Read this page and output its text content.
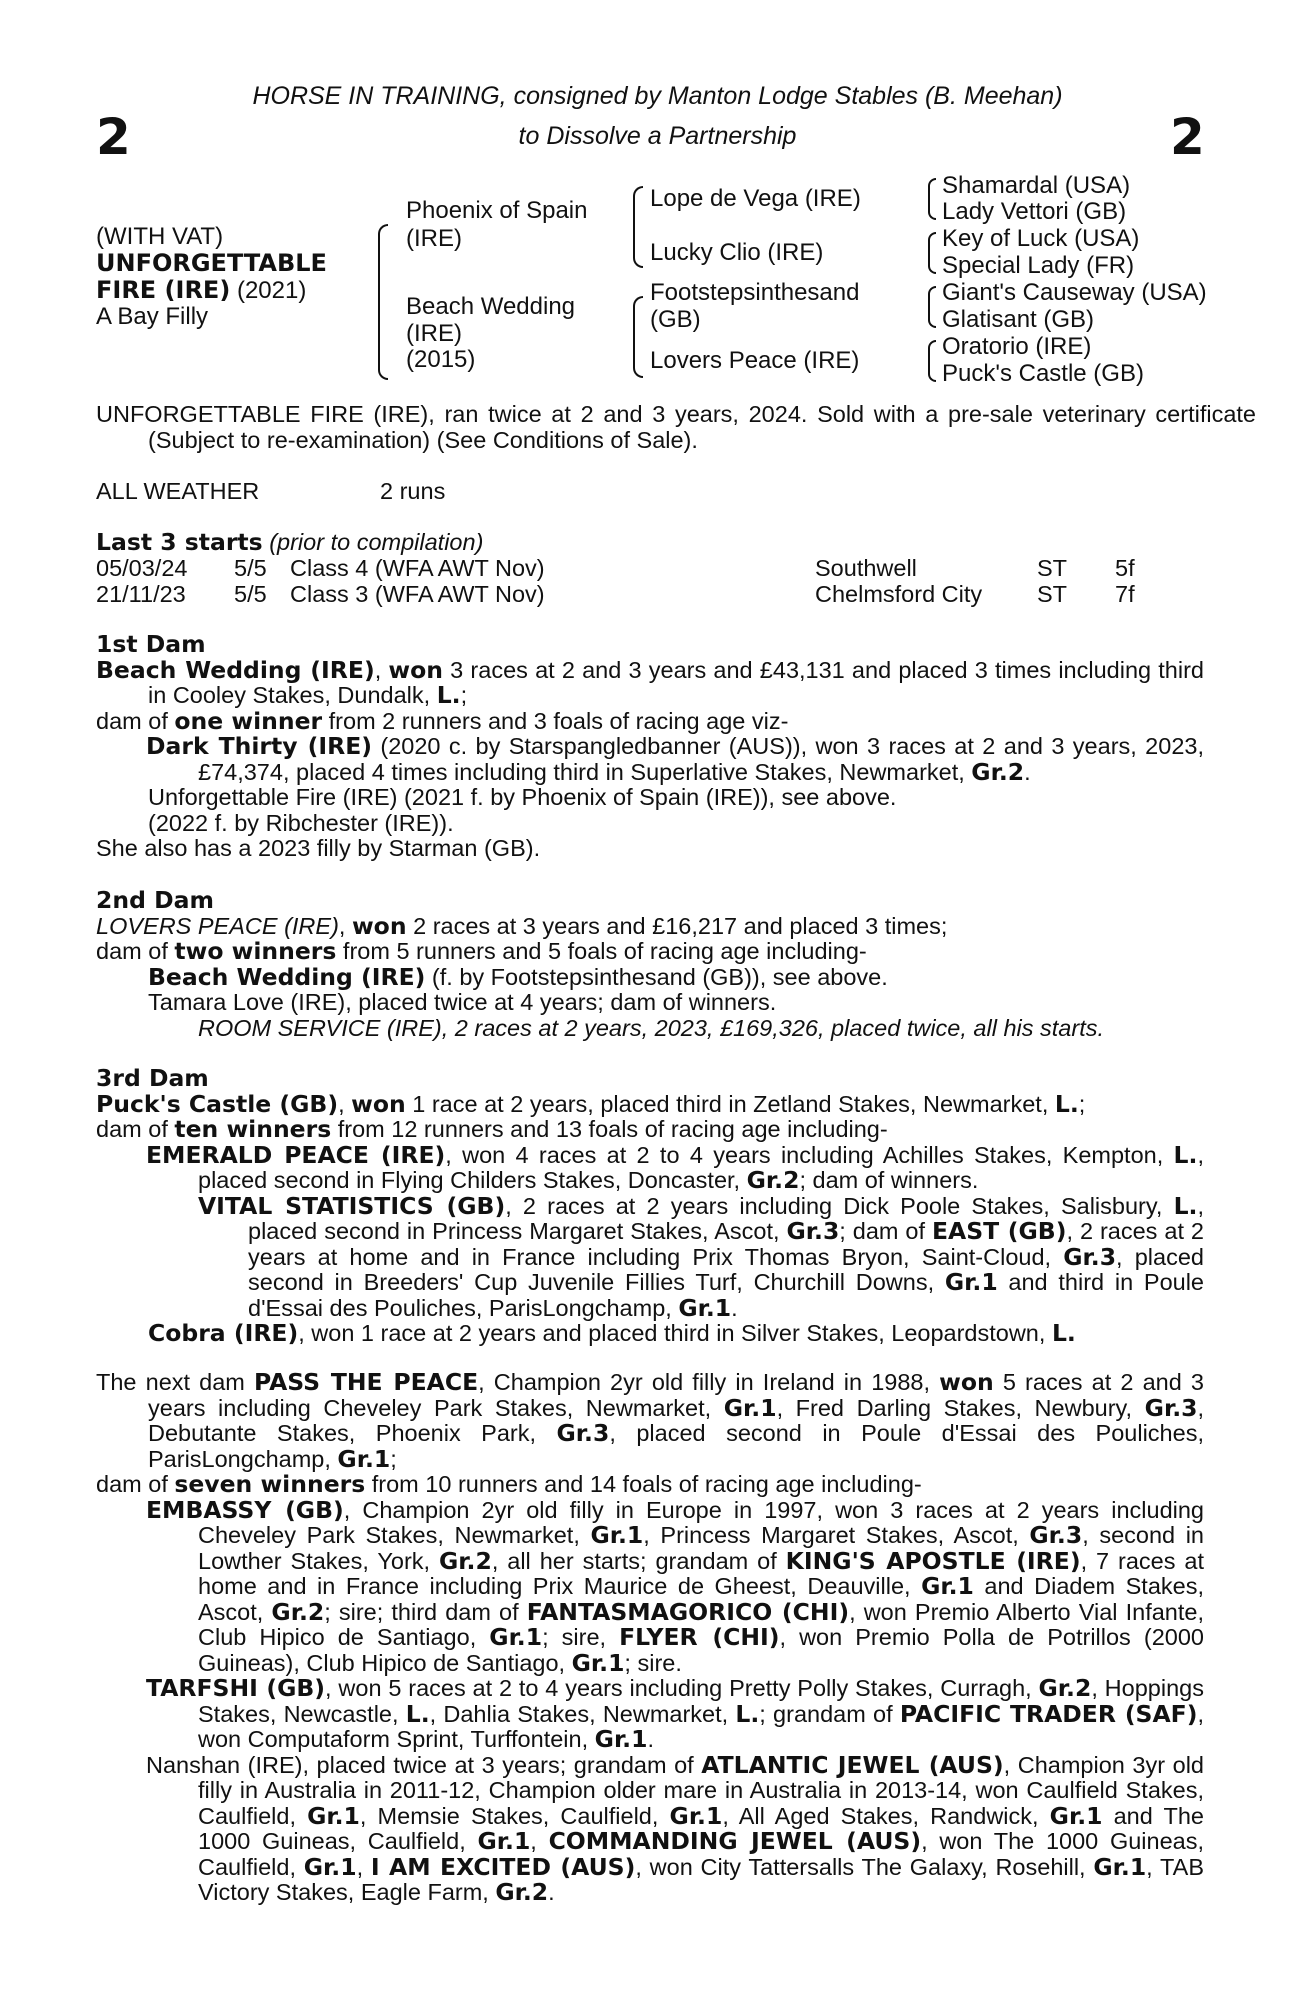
2	2
HORSE IN TRAINING, consigned by Manton Lodge Stables (B. Meehan)
to Dissolve a Partnership
(WITH VAT)
UNFORGETTABLE
FIRE (IRE) (2021)
A Bay Filly
Phoenix of Spain
(IRE)
Beach Wedding
(IRE)
(2015)
Lope de Vega (IRE)
Lucky Clio (IRE)
Footstepsinthesand
(GB)
Lovers Peace (IRE)
Shamardal (USA)
Lady Vettori (GB)
Key of Luck (USA)
Special Lady (FR)
Giant's Causeway (USA)
Glatisant (GB)
Oratorio (IRE)
Puck's Castle (GB)
UNFORGETTABLE FIRE (IRE), ran twice at 2 and 3 years, 2024. Sold with a pre-sale veterinary certificate (Subject to re-examination) (See Conditions of Sale).
ALL WEATHER	2 runs
Last 3 starts (prior to compilation)
05/03/24	5/5	Class 4 (WFA AWT Nov)	Southwell	ST	5f
21/11/23	5/5	Class 3 (WFA AWT Nov)	Chelmsford City	ST	7f
1st Dam
Beach Wedding (IRE), won 3 races at 2 and 3 years and £43,131 and placed 3 times including third in Cooley Stakes, Dundalk, L.;
dam of one winner from 2 runners and 3 foals of racing age viz-
Dark Thirty (IRE) (2020 c. by Starspangledbanner (AUS)), won 3 races at 2 and 3 years, 2023, £74,374, placed 4 times including third in Superlative Stakes, Newmarket, Gr.2.
Unforgettable Fire (IRE) (2021 f. by Phoenix of Spain (IRE)), see above.
(2022 f. by Ribchester (IRE)).
She also has a 2023 filly by Starman (GB).
2nd Dam
LOVERS PEACE (IRE), won 2 races at 3 years and £16,217 and placed 3 times;
dam of two winners from 5 runners and 5 foals of racing age including-
Beach Wedding (IRE) (f. by Footstepsinthesand (GB)), see above.
Tamara Love (IRE), placed twice at 4 years; dam of winners.
ROOM SERVICE (IRE), 2 races at 2 years, 2023, £169,326, placed twice, all his starts.
3rd Dam
Puck's Castle (GB), won 1 race at 2 years, placed third in Zetland Stakes, Newmarket, L.;
dam of ten winners from 12 runners and 13 foals of racing age including-
EMERALD PEACE (IRE), won 4 races at 2 to 4 years including Achilles Stakes, Kempton, L., placed second in Flying Childers Stakes, Doncaster, Gr.2; dam of winners.
VITAL STATISTICS (GB), 2 races at 2 years including Dick Poole Stakes, Salisbury, L., placed second in Princess Margaret Stakes, Ascot, Gr.3; dam of EAST (GB), 2 races at 2 years at home and in France including Prix Thomas Bryon, Saint-Cloud, Gr.3, placed second in Breeders' Cup Juvenile Fillies Turf, Churchill Downs, Gr.1 and third in Poule d'Essai des Pouliches, ParisLongchamp, Gr.1.
Cobra (IRE), won 1 race at 2 years and placed third in Silver Stakes, Leopardstown, L.
The next dam PASS THE PEACE, Champion 2yr old filly in Ireland in 1988, won 5 races at 2 and 3 years including Cheveley Park Stakes, Newmarket, Gr.1, Fred Darling Stakes, Newbury, Gr.3, Debutante Stakes, Phoenix Park, Gr.3, placed second in Poule d'Essai des Pouliches, ParisLongchamp, Gr.1;
dam of seven winners from 10 runners and 14 foals of racing age including-
EMBASSY (GB), Champion 2yr old filly in Europe in 1997, won 3 races at 2 years including Cheveley Park Stakes, Newmarket, Gr.1, Princess Margaret Stakes, Ascot, Gr.3, second in Lowther Stakes, York, Gr.2, all her starts; grandam of KING'S APOSTLE (IRE), 7 races at home and in France including Prix Maurice de Gheest, Deauville, Gr.1 and Diadem Stakes, Ascot, Gr.2; sire; third dam of FANTASMAGORICO (CHI), won Premio Alberto Vial Infante, Club Hipico de Santiago, Gr.1; sire, FLYER (CHI), won Premio Polla de Potrillos (2000 Guineas), Club Hipico de Santiago, Gr.1; sire.
TARFSHI (GB), won 5 races at 2 to 4 years including Pretty Polly Stakes, Curragh, Gr.2, Hoppings Stakes, Newcastle, L., Dahlia Stakes, Newmarket, L.; grandam of PACIFIC TRADER (SAF), won Computaform Sprint, Turffontein, Gr.1.
Nanshan (IRE), placed twice at 3 years; grandam of ATLANTIC JEWEL (AUS), Champion 3yr old filly in Australia in 2011-12, Champion older mare in Australia in 2013-14, won Caulfield Stakes, Caulfield, Gr.1, Memsie Stakes, Caulfield, Gr.1, All Aged Stakes, Randwick, Gr.1 and The 1000 Guineas, Caulfield, Gr.1, COMMANDING JEWEL (AUS), won The 1000 Guineas, Caulfield, Gr.1, I AM EXCITED (AUS), won City Tattersalls The Galaxy, Rosehill, Gr.1, TAB Victory Stakes, Eagle Farm, Gr.2.
